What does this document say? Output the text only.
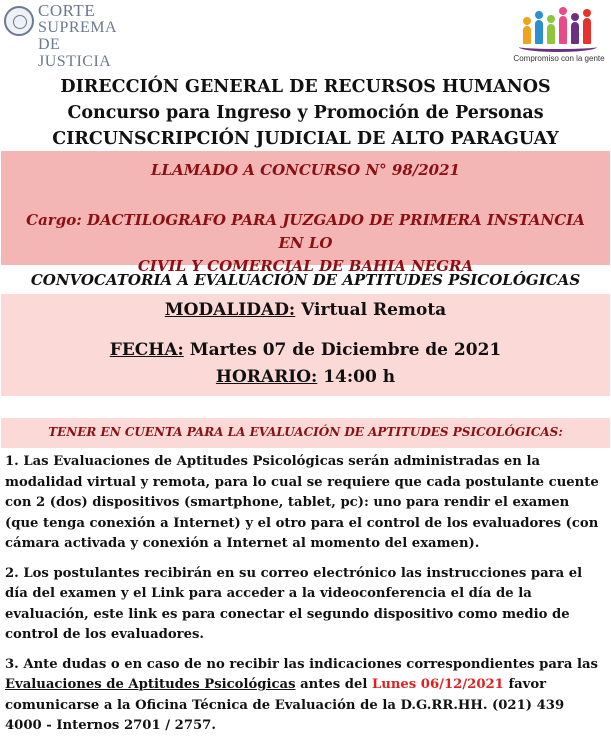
CORTE
SUPREMA
DE JUSTICIA	Compromiso con la gente
DIRECCIÓN GENERAL DE RECURSOS HUMANOS
Concurso para Ingreso y Promoción de Personas
CIRCUNSCRIPCIÓN JUDICIAL DE ALTO PARAGUAY
LLAMADO A CONCURSO N° 98/2021
Cargo: DACTILOGRAFO PARA JUZGADO DE PRIMERA INSTANCIA EN LO
CIVIL Y COMERCIAL DE BAHIA NEGRA
CONVOCATORIA A EVALUACIÓN DE APTITUDES PSICOLÓGICAS
MODALIDAD: Virtual Remota
FECHA: Martes 07 de Diciembre de 2021
HORARIO: 14:00 h
TENER EN CUENTA PARA LA EVALUACIÓN DE APTITUDES PSICOLÓGICAS:

1. Las Evaluaciones de Aptitudes Psicológicas serán administradas en la modalidad virtual y remota, para lo cual se requiere que cada postulante cuente con 2 (dos) dispositivos (smartphone, tablet, pc): uno para rendir el examen (que tenga conexión a Internet) y el otro para el control de los evaluadores (con cámara activada y conexión a Internet al momento del examen).

2. Los postulantes recibirán en su correo electrónico las instrucciones para el día del examen y el Link para acceder a la videoconferencia el día de la evaluación, este link es para conectar el segundo dispositivo como medio de control de los evaluadores.

3. Ante dudas o en caso de no recibir las indicaciones correspondientes para las Evaluaciones de Aptitudes Psicológicas antes del Lunes 06/12/2021 favor comunicarse a la Oficina Técnica de Evaluación de la D.G.RR.HH. (021) 439 4000 - Internos 2701 / 2757.
